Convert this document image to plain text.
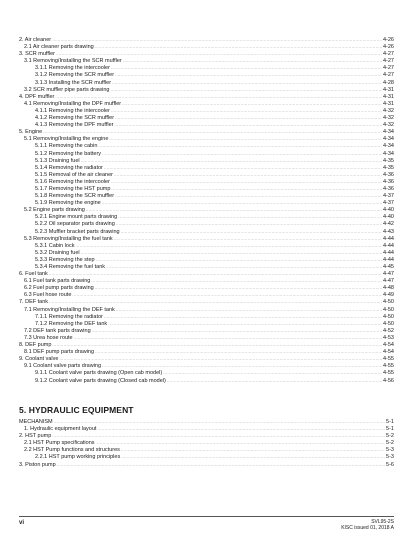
2. Air cleaner .....	4-26
2.1 Air cleaner parts drawing .....	4-26
3. SCR muffler .....	4-27
3.1 Removing/Installing the SCR muffler .....	4-27
3.1.1 Removing the intercooler .....	4-27
3.1.2 Removing the SCR muffler .....	4-27
3.1.3 Installing the SCR muffler .....	4-28
3.2 SCR muffler pipe parts drawing .....	4-31
4. DPF muffler .....	4-31
4.1 Removing/Installing the DPF muffler .....	4-31
4.1.1 Removing the intercooler .....	4-32
4.1.2 Removing the SCR muffler .....	4-32
4.1.3 Removing the DPF muffler .....	4-32
5. Engine .....	4-34
5.1 Removing/Installing the engine .....	4-34
5.1.1 Removing the cabin .....	4-34
5.1.2 Removing the battery .....	4-34
5.1.3 Draining fuel .....	4-35
5.1.4 Removing the radiator .....	4-35
5.1.5 Removal of the air cleaner .....	4-36
5.1.6 Removing the intercooler .....	4-36
5.1.7 Removing the HST pump .....	4-36
5.1.8 Removing the SCR muffler .....	4-37
5.1.9 Removing the engine .....	4-37
5.2 Engine parts drawing .....	4-40
5.2.1 Engine mount parts drawing .....	4-40
5.2.2 Oil separator parts drawing .....	4-42
5.2.3 Muffler bracket parts drawing .....	4-43
5.3 Removing/Installing the fuel tank .....	4-44
5.3.1 Cabin lock .....	4-44
5.3.2 Draining fuel .....	4-44
5.3.3 Removing the step .....	4-44
5.3.4 Removing the fuel tank .....	4-45
6. Fuel tank .....	4-47
6.1 Fuel tank parts drawing .....	4-47
6.2 Fuel pump parts drawing .....	4-48
6.3 Fuel hose route .....	4-49
7. DEF tank .....	4-50
7.1 Removing/Installing the DEF tank .....	4-50
7.1.1 Removing the radiator .....	4-50
7.1.2 Removing the DEF tank .....	4-50
7.2 DEF tank parts drawing .....	4-52
7.3 Urea hose route .....	4-53
8. DEF pump .....	4-54
8.1 DEF pump parts drawing .....	4-54
9. Coolant valve .....	4-55
9.1 Coolant valve parts drawing .....	4-55
9.1.1 Coolant valve parts drawing (Open cab model) .....	4-55
9.1.2 Coolant valve parts drawing (Closed cab model) .....	4-56
5. HYDRAULIC EQUIPMENT
MECHANISM .....	5-1
1. Hydraulic equipment layout .....	5-1
2. HST pump .....	5-2
2.1 HST Pump specifications .....	5-2
2.2 HST Pump functions and structures .....	5-3
2.2.1 HST pump working principles .....	5-3
3. Piston pump .....	5-6
vi	SVL95-2S
KISC issued 01, 2018 A
